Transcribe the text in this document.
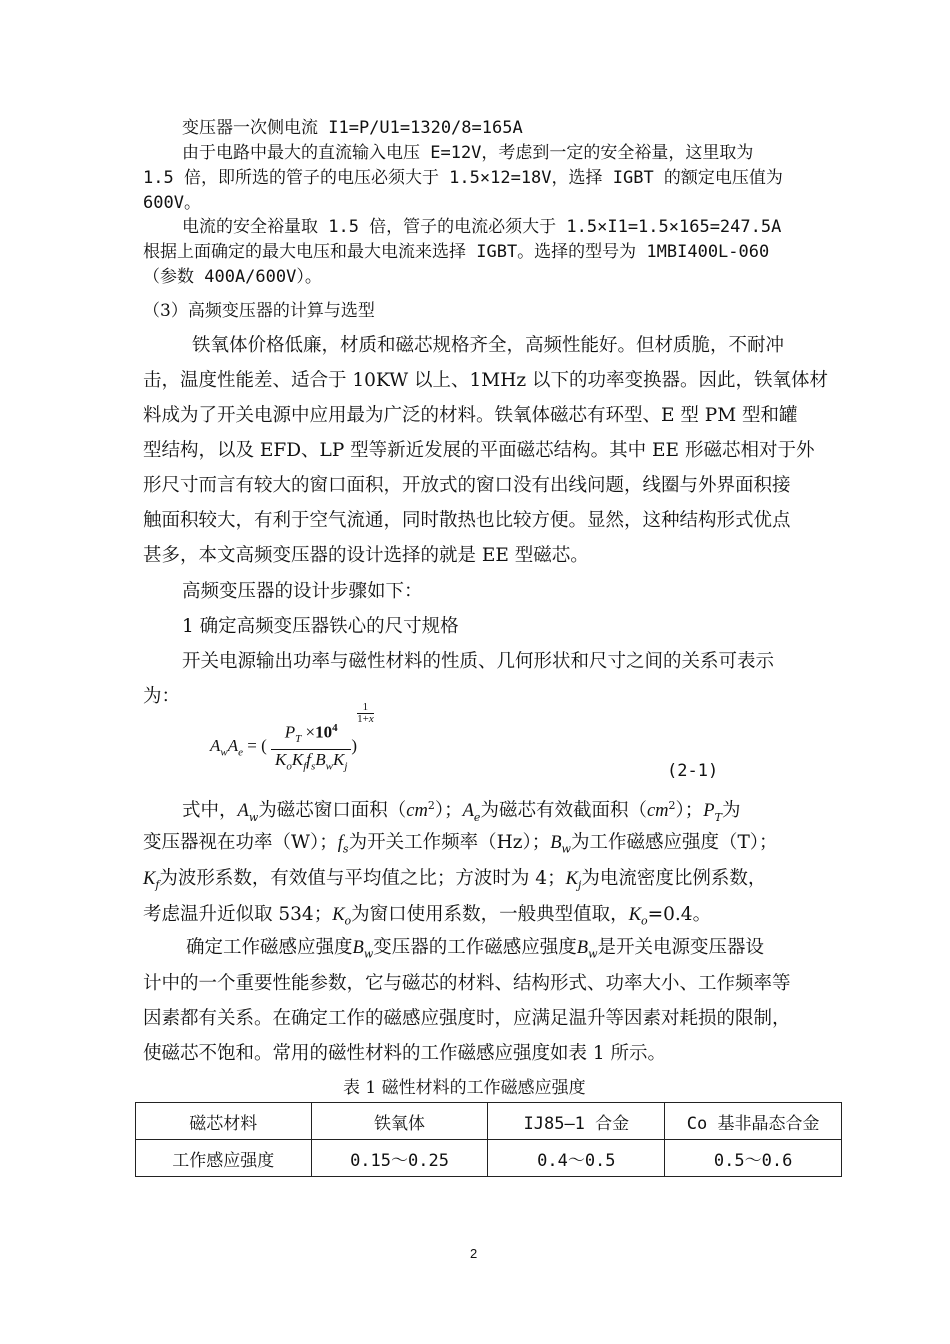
变压器一次侧电流 I1=P/U1=1320/8=165A
由于电路中最大的直流输入电压 E=12V，考虑到一定的安全裕量，这里取为
1.5 倍，即所选的管子的电压必须大于 1.5×12=18V，选择 IGBT 的额定电压值为
600V。
电流的安全裕量取 1.5 倍，管子的电流必须大于 1.5×I1=1.5×165=247.5A
根据上面确定的最大电压和最大电流来选择 IGBT。选择的型号为 1MBI400L-060
（参数 400A/600V）。
（3）高频变压器的计算与选型
铁氧体价格低廉，材质和磁芯规格齐全，高频性能好。但材质脆，不耐冲
击，温度性能差、适合于 10KW 以上、1MHz 以下的功率变换器。因此，铁氧体材
料成为了开关电源中应用最为广泛的材料。铁氧体磁芯有环型、E 型 PM 型和罐
型结构，以及 EFD、LP 型等新近发展的平面磁芯结构。其中 EE 形磁芯相对于外
形尺寸而言有较大的窗口面积，开放式的窗口没有出线问题，线圈与外界面积接
触面积较大，有利于空气流通，同时散热也比较方便。显然，这种结构形式优点
甚多，本文高频变压器的设计选择的就是 EE 型磁芯。
高频变压器的设计步骤如下：
1 确定高频变压器铁心的尺寸规格
开关电源输出功率与磁性材料的性质、几何形状和尺寸之间的关系可表示
为：
$A_wA_e$ = ( $\frac{P_T \times 10^4}{K_oK_ff_sB_wK_j}$ )
$\frac{1}{1+x}$
(2-1)
式中，$A_w$为磁芯窗口面积$(cm^2)$；$A_e$为磁芯有效截面积$(cm^2)$；$P_T$为
变压器视在功率（W）；$f_s$为开关工作频率（Hz）；$B_w$为工作磁感应强度（T）；
$K_f$为波形系数，有效值与平均值之比；方波时为 4；$K_j$为电流密度比例系数，
考虑温升近似取 534；$K_o$为窗口使用系数，一般典型值取，$K_o=0.4$。
确定工作磁感应强度$B_w$变压器的工作磁感应强度$B_w$是开关电源变压器设
计中的一个重要性能参数，它与磁芯的材料、结构形式、功率大小、工作频率等
因素都有关系。在确定工作的磁感应强度时，应满足温升等因素对耗损的限制，
使磁芯不饱和。常用的磁性材料的工作磁感应强度如表 1 所示。
表 1 磁性材料的工作磁感应强度
磁芯材料	铁氧体	IJ85—1 合金	Co 基非晶态合金
工作感应强度	0.15～0.25	0.4～0.5	0.5～0.6
2
